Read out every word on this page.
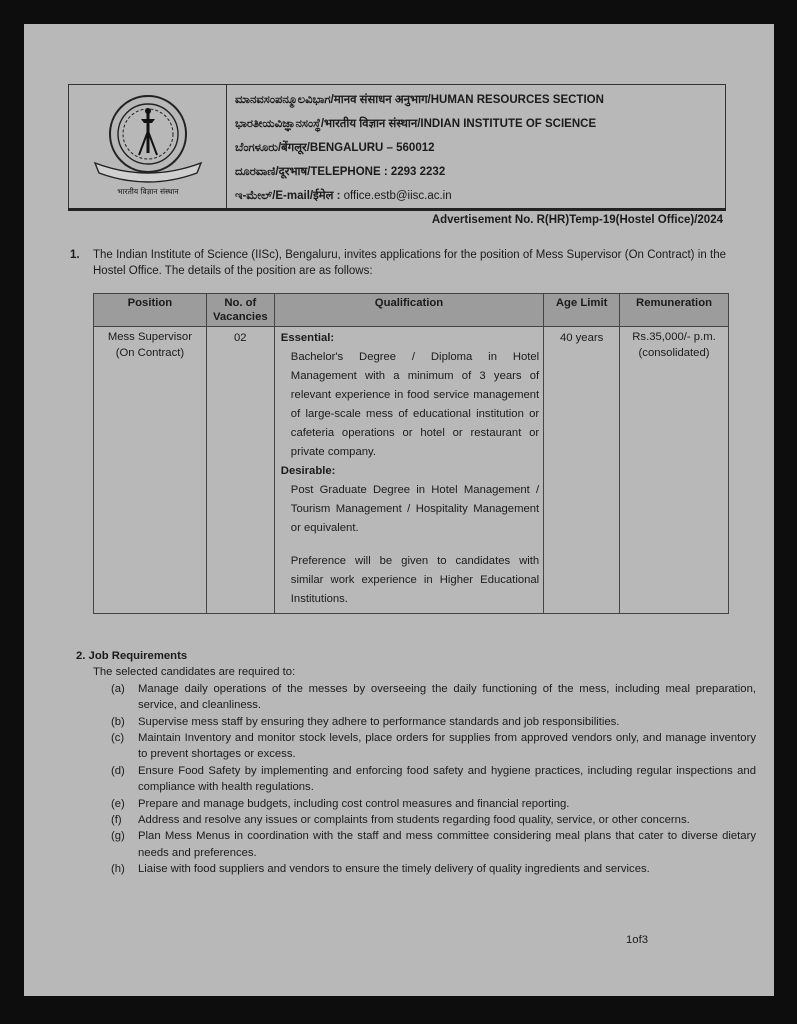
भारतीय विज्ञान संस्थान
ಮಾನವಸಂಪನ್ಮೂಲವಿಭಾಗ/मानव संसाधन अनुभाग/HUMAN RESOURCES SECTION
ಭಾರತೀಯವಿಜ್ಞಾನಸಂಸ್ಥೆ/भारतीय विज्ञान संस्थान/INDIAN INSTITUTE OF SCIENCE
ಬೆಂಗಳೂರು/बेंगलूर/BENGALURU – 560012
ದೂರವಾಣಿ/दूरभाष/TELEPHONE : 2293 2232
ಇ-ಮೇಲ್/E-mail/ईमेल : office.estb@iisc.ac.in
Advertisement No. R(HR)Temp-19(Hostel Office)/2024
1. The Indian Institute of Science (IISc), Bengaluru, invites applications for the position of Mess Supervisor (On Contract) in the Hostel Office. The details of the position are as follows:
Position	No. of Vacancies	Qualification	Age Limit	Remuneration
Mess Supervisor (On Contract)	02	Essential:
Bachelor's Degree / Diploma in Hotel Management with a minimum of 3 years of relevant experience in food service management of large-scale mess of educational institution or cafeteria operations or hotel or restaurant or private company.
Desirable:
Post Graduate Degree in Hotel Management / Tourism Management / Hospitality Management or equivalent.
Preference will be given to candidates with similar work experience in Higher Educational Institutions.	40 years	Rs.35,000/- p.m. (consolidated)
2. Job Requirements
The selected candidates are required to:
(a) Manage daily operations of the messes by overseeing the daily functioning of the mess, including meal preparation, service, and cleanliness.
(b) Supervise mess staff by ensuring they adhere to performance standards and job responsibilities.
(c) Maintain Inventory and monitor stock levels, place orders for supplies from approved vendors only, and manage inventory to prevent shortages or excess.
(d) Ensure Food Safety by implementing and enforcing food safety and hygiene practices, including regular inspections and compliance with health regulations.
(e) Prepare and manage budgets, including cost control measures and financial reporting.
(f) Address and resolve any issues or complaints from students regarding food quality, service, or other concerns.
(g) Plan Mess Menus in coordination with the staff and mess committee considering meal plans that cater to diverse dietary needs and preferences.
(h) Liaise with food suppliers and vendors to ensure the timely delivery of quality ingredients and services.
1of3
